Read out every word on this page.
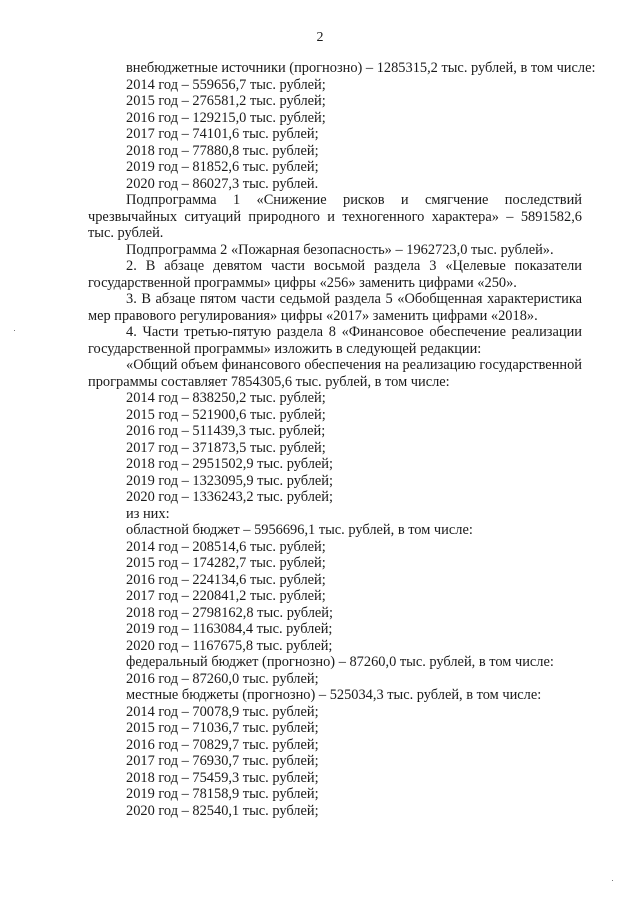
2

внебюджетные источники (прогнозно) – 1285315,2 тыс. рублей, в том числе:

2014 год – 559656,7 тыс. рублей;

2015 год – 276581,2 тыс. рублей;

2016 год – 129215,0 тыс. рублей;

2017 год – 74101,6 тыс. рублей;

2018 год – 77880,8 тыс. рублей;

2019 год – 81852,6 тыс. рублей;

2020 год – 86027,3 тыс. рублей.

Подпрограмма 1 «Снижение рисков и смягчение последствий чрезвычайных ситуаций природного и техногенного характера» – 5891582,6 тыс. рублей.

Подпрограмма 2 «Пожарная безопасность» – 1962723,0 тыс. рублей».

2. В абзаце девятом части восьмой раздела 3 «Целевые показатели государственной программы» цифры «256» заменить цифрами «250».

3. В абзаце пятом части седьмой раздела 5 «Обобщенная характеристика мер правового регулирования» цифры «2017» заменить цифрами «2018».

4. Части третью-пятую раздела 8 «Финансовое обеспечение реализации государственной программы» изложить в следующей редакции:

«Общий объем финансового обеспечения на реализацию государственной программы составляет 7854305,6 тыс. рублей, в том числе:

2014 год – 838250,2 тыс. рублей;

2015 год – 521900,6 тыс. рублей;

2016 год – 511439,3 тыс. рублей;

2017 год – 371873,5 тыс. рублей;

2018 год – 2951502,9 тыс. рублей;

2019 год – 1323095,9 тыс. рублей;

2020 год – 1336243,2 тыс. рублей;

из них:

областной бюджет – 5956696,1 тыс. рублей, в том числе:

2014 год – 208514,6 тыс. рублей;

2015 год – 174282,7 тыс. рублей;

2016 год – 224134,6 тыс. рублей;

2017 год – 220841,2 тыс. рублей;

2018 год – 2798162,8 тыс. рублей;

2019 год – 1163084,4 тыс. рублей;

2020 год – 1167675,8 тыс. рублей;

федеральный бюджет (прогнозно) – 87260,0 тыс. рублей, в том числе:

2016 год – 87260,0 тыс. рублей;

местные бюджеты (прогнозно) – 525034,3 тыс. рублей, в том числе:

2014 год – 70078,9 тыс. рублей;

2015 год – 71036,7 тыс. рублей;

2016 год – 70829,7 тыс. рублей;

2017 год – 76930,7 тыс. рублей;

2018 год – 75459,3 тыс. рублей;

2019 год – 78158,9 тыс. рублей;

2020 год – 82540,1 тыс. рублей;
